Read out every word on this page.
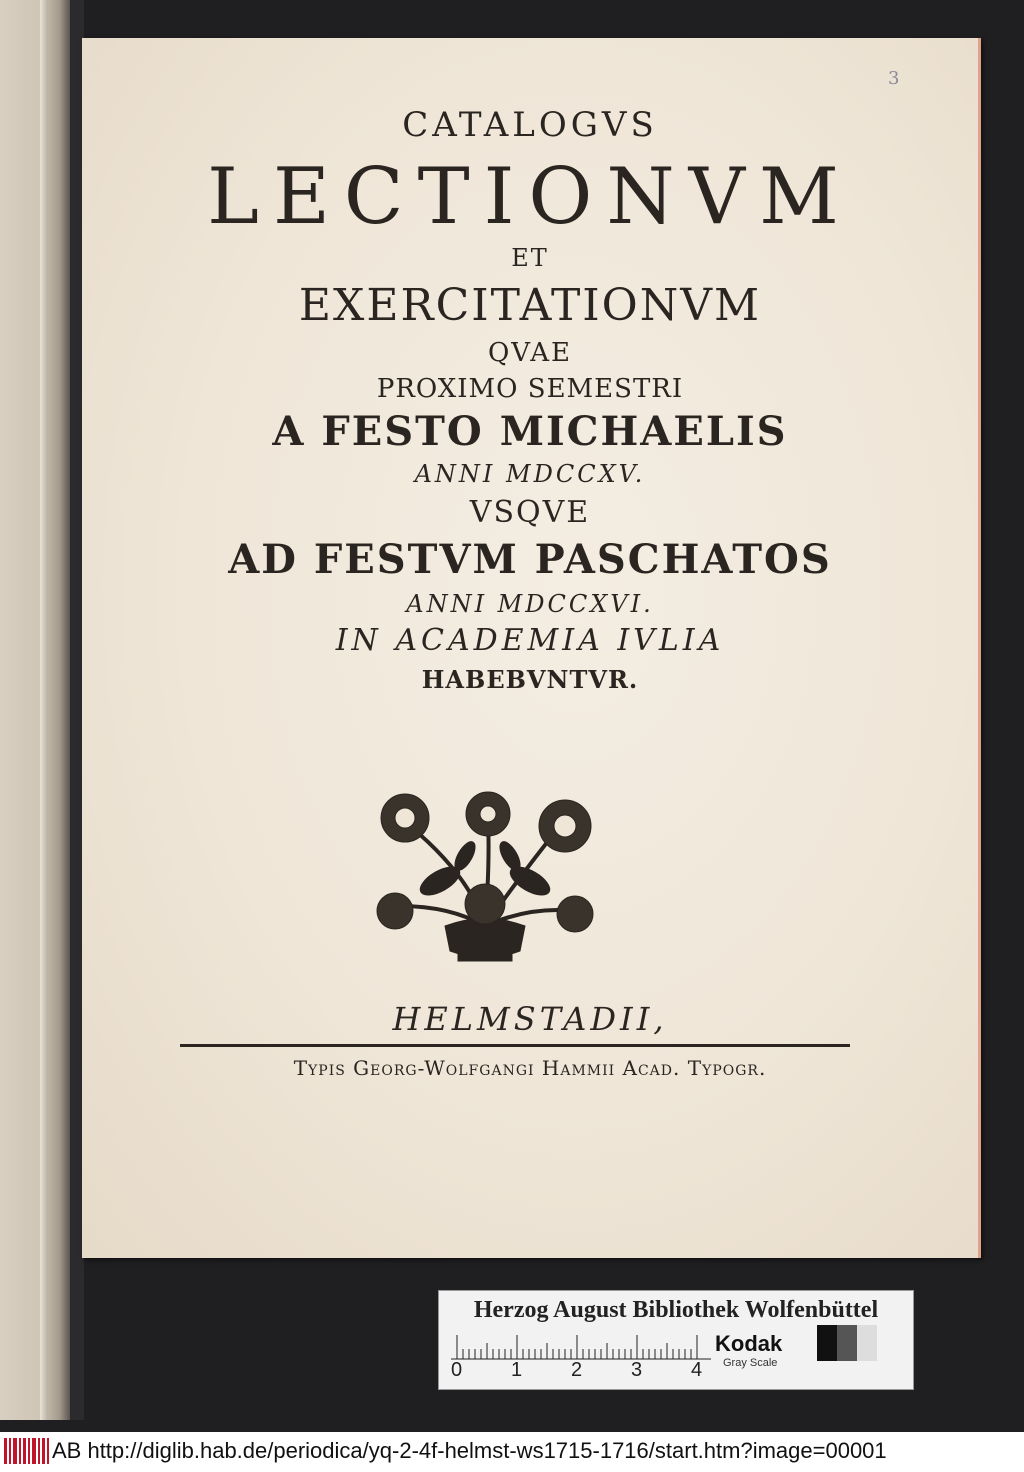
3
CATALOGVS
LECTIONVM
ET
EXERCITATIONVM
QVAE
PROXIMO SEMESTRI
A FESTO MICHAELIS
ANNI MDCCXV.
VSQVE
AD FESTVM PASCHATOS
ANNI MDCCXVI.
IN ACADEMIA IVLIA
HABEBVNTVR.
HELMSTADII,
Typis Georg-Wolfgangi Hammii Acad. Typogr.
Herzog August Bibliothek Wolfenbüttel
0 1 2 3 4
Kodak
Gray Scale
AB http://diglib.hab.de/periodica/yq-2-4f-helmst-ws1715-1716/start.htm?image=00001
